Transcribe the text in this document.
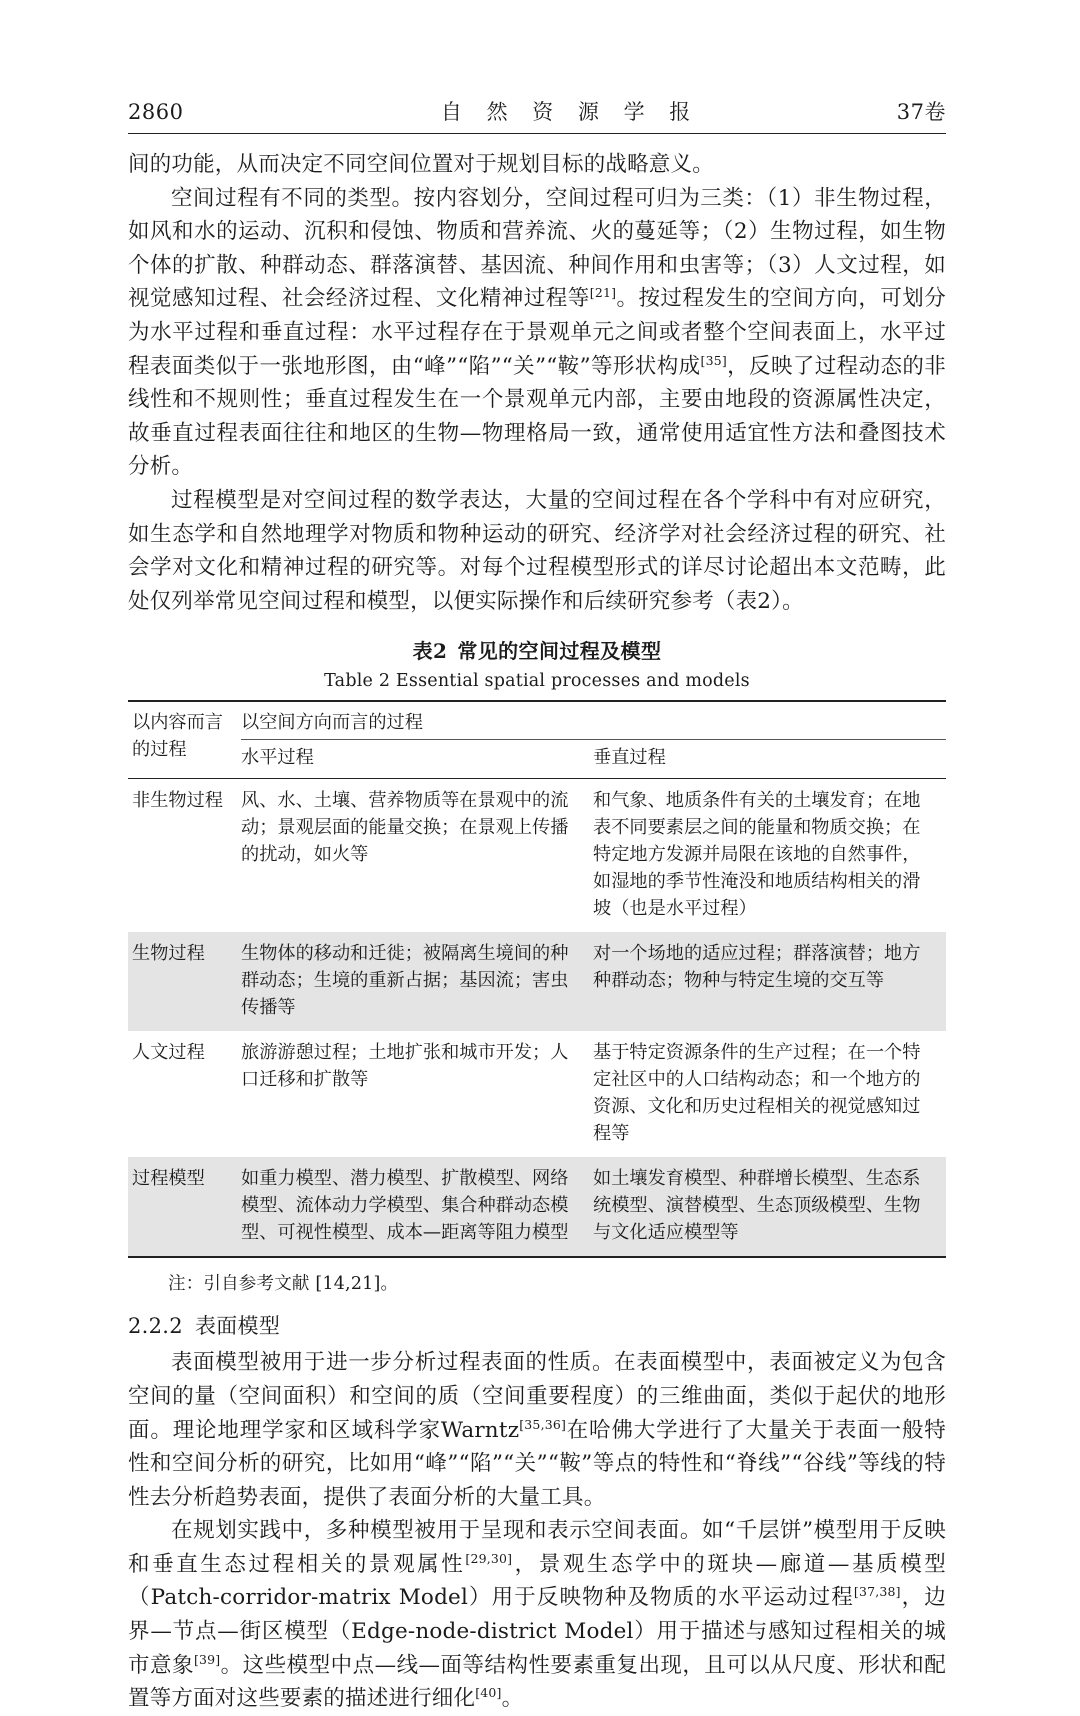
2860	自 然 资 源 学 报	37卷

间的功能，从而决定不同空间位置对于规划目标的战略意义。

空间过程有不同的类型。按内容划分，空间过程可归为三类：（1）非生物过程，如风和水的运动、沉积和侵蚀、物质和营养流、火的蔓延等；（2）生物过程，如生物个体的扩散、种群动态、群落演替、基因流、种间作用和虫害等；（3）人文过程，如视觉感知过程、社会经济过程、文化精神过程等[21]。按过程发生的空间方向，可划分为水平过程和垂直过程：水平过程存在于景观单元之间或者整个空间表面上，水平过程表面类似于一张地形图，由“峰”“陷”“关”“鞍”等形状构成[35]，反映了过程动态的非线性和不规则性；垂直过程发生在一个景观单元内部，主要由地段的资源属性决定，故垂直过程表面往往和地区的生物—物理格局一致，通常使用适宜性方法和叠图技术分析。

过程模型是对空间过程的数学表达，大量的空间过程在各个学科中有对应研究，如生态学和自然地理学对物质和物种运动的研究、经济学对社会经济过程的研究、社会学对文化和精神过程的研究等。对每个过程模型形式的详尽讨论超出本文范畴，此处仅列举常见空间过程和模型，以便实际操作和后续研究参考（表2）。

表2 常见的空间过程及模型
Table 2 Essential spatial processes and models
以内容而言
的过程	以空间方向而言的过程	
	水平过程	垂直过程
非生物过程	风、水、土壤、营养物质等在景观中的流动；景观层面的能量交换；在景观上传播的扰动，如火等	和气象、地质条件有关的土壤发育；在地表不同要素层之间的能量和物质交换；在特定地方发源并局限在该地的自然事件，如湿地的季节性淹没和地质结构相关的滑坡（也是水平过程）
生物过程	生物体的移动和迁徙；被隔离生境间的种群动态；生境的重新占据；基因流；害虫传播等	对一个场地的适应过程；群落演替；地方种群动态；物种与特定生境的交互等
人文过程	旅游游憩过程；土地扩张和城市开发；人口迁移和扩散等	基于特定资源条件的生产过程；在一个特定社区中的人口结构动态；和一个地方的资源、文化和历史过程相关的视觉感知过程等
过程模型	如重力模型、潜力模型、扩散模型、网络模型、流体动力学模型、集合种群动态模型、可视性模型、成本—距离等阻力模型	如土壤发育模型、种群增长模型、生态系统模型、演替模型、生态顶级模型、生物与文化适应模型等
注：引自参考文献 [14,21]。
2.2.2 表面模型

表面模型被用于进一步分析过程表面的性质。在表面模型中，表面被定义为包含空间的量（空间面积）和空间的质（空间重要程度）的三维曲面，类似于起伏的地形面。理论地理学家和区域科学家Warntz[35,36]在哈佛大学进行了大量关于表面一般特性和空间分析的研究，比如用“峰”“陷”“关”“鞍”等点的特性和“脊线”“谷线”等线的特性去分析趋势表面，提供了表面分析的大量工具。

在规划实践中，多种模型被用于呈现和表示空间表面。如“千层饼”模型用于反映和垂直生态过程相关的景观属性[29,30]，景观生态学中的斑块—廊道—基质模型（Patch-corridor-matrix Model）用于反映物种及物质的水平运动过程[37,38]，边界—节点—街区模型（Edge-node-district Model）用于描述与感知过程相关的城市意象[39]。这些模型中点—线—面等结构性要素重复出现，且可以从尺度、形状和配置等方面对这些要素的描述进行细化[40]。
